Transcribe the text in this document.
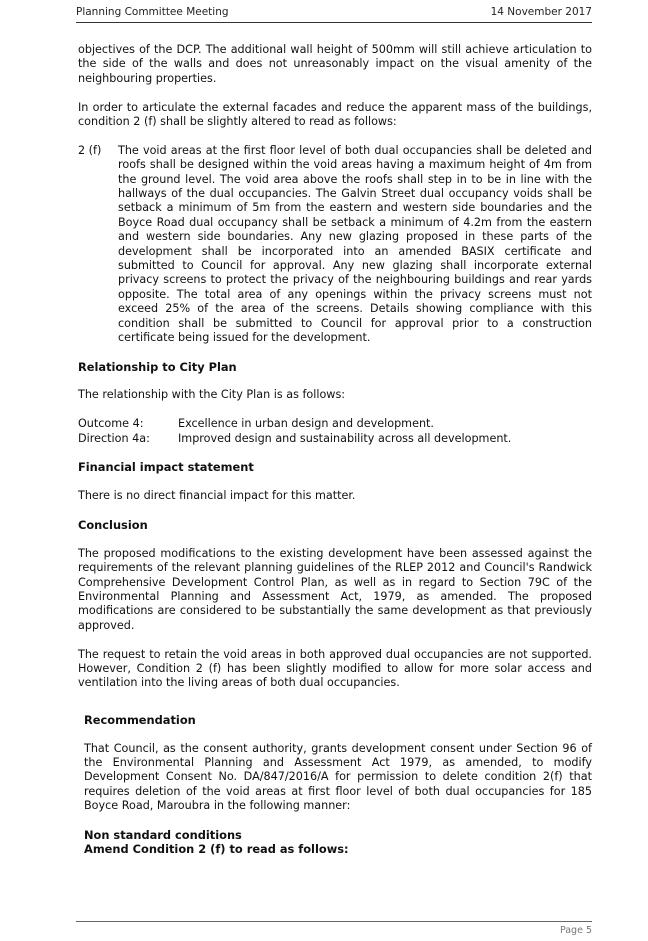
Planning Committee Meeting	14 November 2017

objectives of the DCP. The additional wall height of 500mm will still achieve articulation to the side of the walls and does not unreasonably impact on the visual amenity of the neighbouring properties.

In order to articulate the external facades and reduce the apparent mass of the buildings, condition 2 (f) shall be slightly altered to read as follows:

2 (f) The void areas at the first floor level of both dual occupancies shall be deleted and roofs shall be designed within the void areas having a maximum height of 4m from the ground level. The void area above the roofs shall step in to be in line with the hallways of the dual occupancies. The Galvin Street dual occupancy voids shall be setback a minimum of 5m from the eastern and western side boundaries and the Boyce Road dual occupancy shall be setback a minimum of 4.2m from the eastern and western side boundaries. Any new glazing proposed in these parts of the development shall be incorporated into an amended BASIX certificate and submitted to Council for approval. Any new glazing shall incorporate external privacy screens to protect the privacy of the neighbouring buildings and rear yards opposite. The total area of any openings within the privacy screens must not exceed 25% of the area of the screens. Details showing compliance with this condition shall be submitted to Council for approval prior to a construction certificate being issued for the development.

Relationship to City Plan

The relationship with the City Plan is as follows:

Outcome 4:	Excellence in urban design and development.
Direction 4a:	Improved design and sustainability across all development.

Financial impact statement

There is no direct financial impact for this matter.

Conclusion

The proposed modifications to the existing development have been assessed against the requirements of the relevant planning guidelines of the RLEP 2012 and Council's Randwick Comprehensive Development Control Plan, as well as in regard to Section 79C of the Environmental Planning and Assessment Act, 1979, as amended. The proposed modifications are considered to be substantially the same development as that previously approved.

The request to retain the void areas in both approved dual occupancies are not supported. However, Condition 2 (f) has been slightly modified to allow for more solar access and ventilation into the living areas of both dual occupancies.

Recommendation

That Council, as the consent authority, grants development consent under Section 96 of the Environmental Planning and Assessment Act 1979, as amended, to modify Development Consent No. DA/847/2016/A for permission to delete condition 2(f) that requires deletion of the void areas at first floor level of both dual occupancies for 185 Boyce Road, Maroubra in the following manner:

Non standard conditions
Amend Condition 2 (f) to read as follows:
Page 5
